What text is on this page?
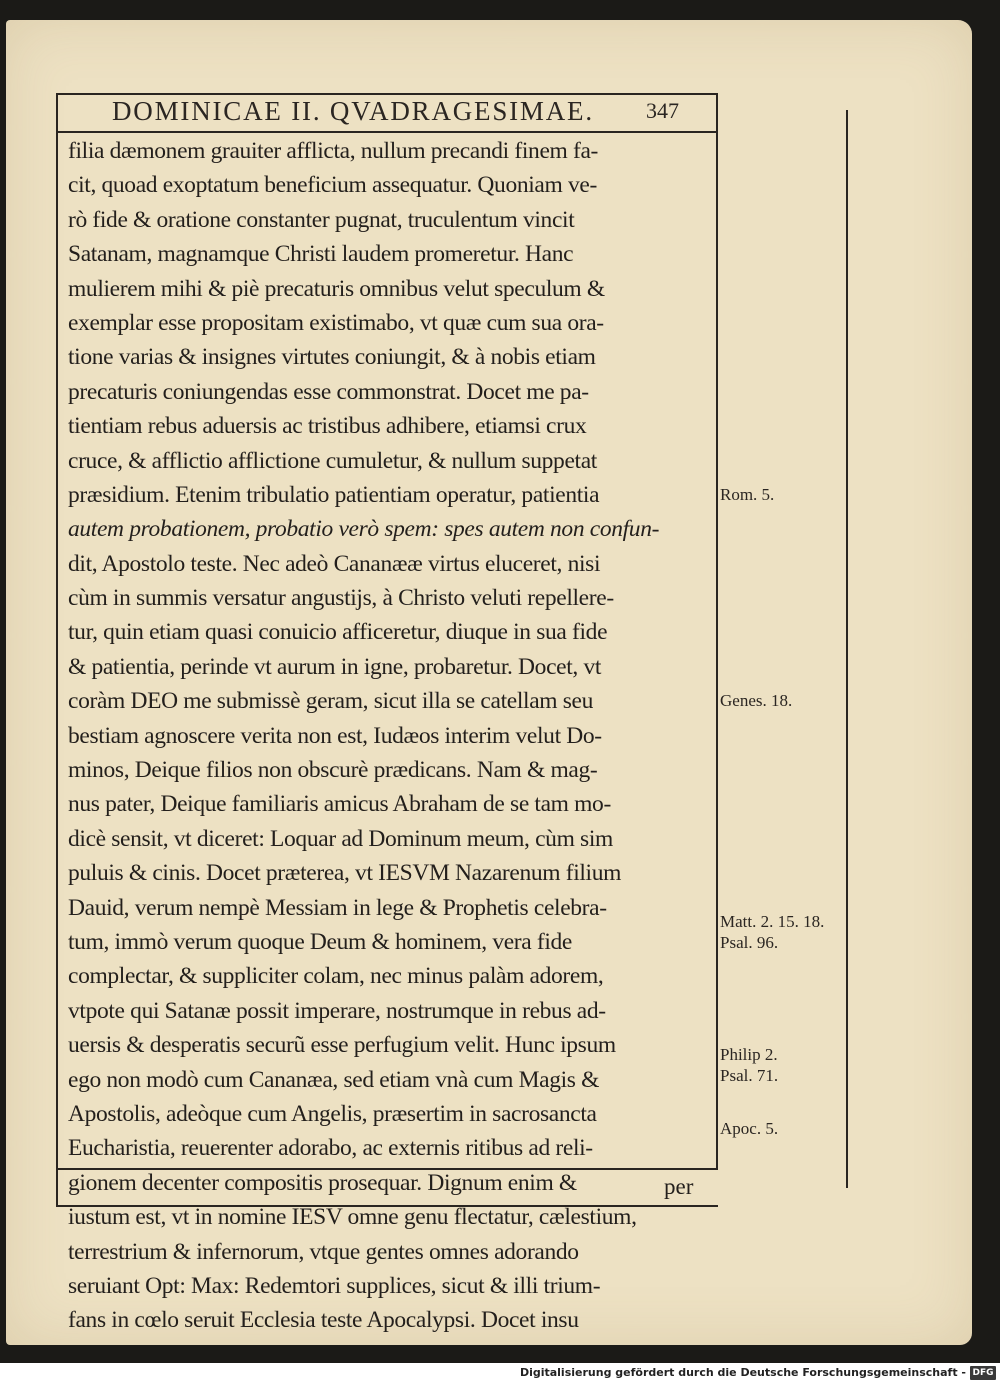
DOMINICAE II. QVADRAGESIMAE.	347
filia dæmonem grauiter afflicta, nullum precandi finem fa-
cit, quoad exoptatum beneficium assequatur. Quoniam ve-
rò fide & oratione constanter pugnat, truculentum vincit
Satanam, magnamque Christi laudem promeretur. Hanc
mulierem mihi & piè precaturis omnibus velut speculum &
exemplar esse propositam existimabo, vt quæ cum sua ora-
tione varias & insignes virtutes coniungit, & à nobis etiam
precaturis coniungendas esse commonstrat. Docet me pa-
tientiam rebus aduersis ac tristibus adhibere, etiamsi crux
cruce, & afflictio afflictione cumuletur, & nullum suppetat
præsidium. Etenim tribulatio patientiam operatur, patientia
autem probationem, probatio verò spem: spes autem non confun-
dit, Apostolo teste. Nec adeò Cananææ virtus eluceret, nisi
cùm in summis versatur angustijs, à Christo veluti repellere-
tur, quin etiam quasi conuicio afficeretur, diuque in sua fide
& patientia, perinde vt aurum in igne, probaretur. Docet, vt
coràm DEO me submissè geram, sicut illa se catellam seu
bestiam agnoscere verita non est, Iudæos interim velut Do-
minos, Deique filios non obscurè prædicans. Nam & mag-
nus pater, Deique familiaris amicus Abraham de se tam mo-
dicè sensit, vt diceret: Loquar ad Dominum meum, cùm sim
puluis & cinis. Docet præterea, vt IESVM Nazarenum filium
Dauid, verum nempè Messiam in lege & Prophetis celebra-
tum, immò verum quoque Deum & hominem, vera fide
complectar, & suppliciter colam, nec minus palàm adorem,
vtpote qui Satanæ possit imperare, nostrumque in rebus ad-
uersis & desperatis securũ esse perfugium velit. Hunc ipsum
ego non modò cum Cananæa, sed etiam vnà cum Magis &
Apostolis, adeòque cum Angelis, præsertim in sacrosancta
Eucharistia, reuerenter adorabo, ac externis ritibus ad reli-
gionem decenter compositis prosequar. Dignum enim &
iustum est, vt in nomine IESV omne genu flectatur, cælestium,
terrestrium & infernorum, vtque gentes omnes adorando
seruiant Opt: Max: Redemtori supplices, sicut & illi trium-
fans in cœlo seruit Ecclesia teste Apocalypsi. Docet insu
Rom. 5.
Genes. 18.
Matt. 2. 15. 18.
Psal. 96.
Philip 2.
Psal. 71.
Apoc. 5.
per
Digitalisierung gefördert durch die Deutsche Forschungsgemeinschaft - DFG
